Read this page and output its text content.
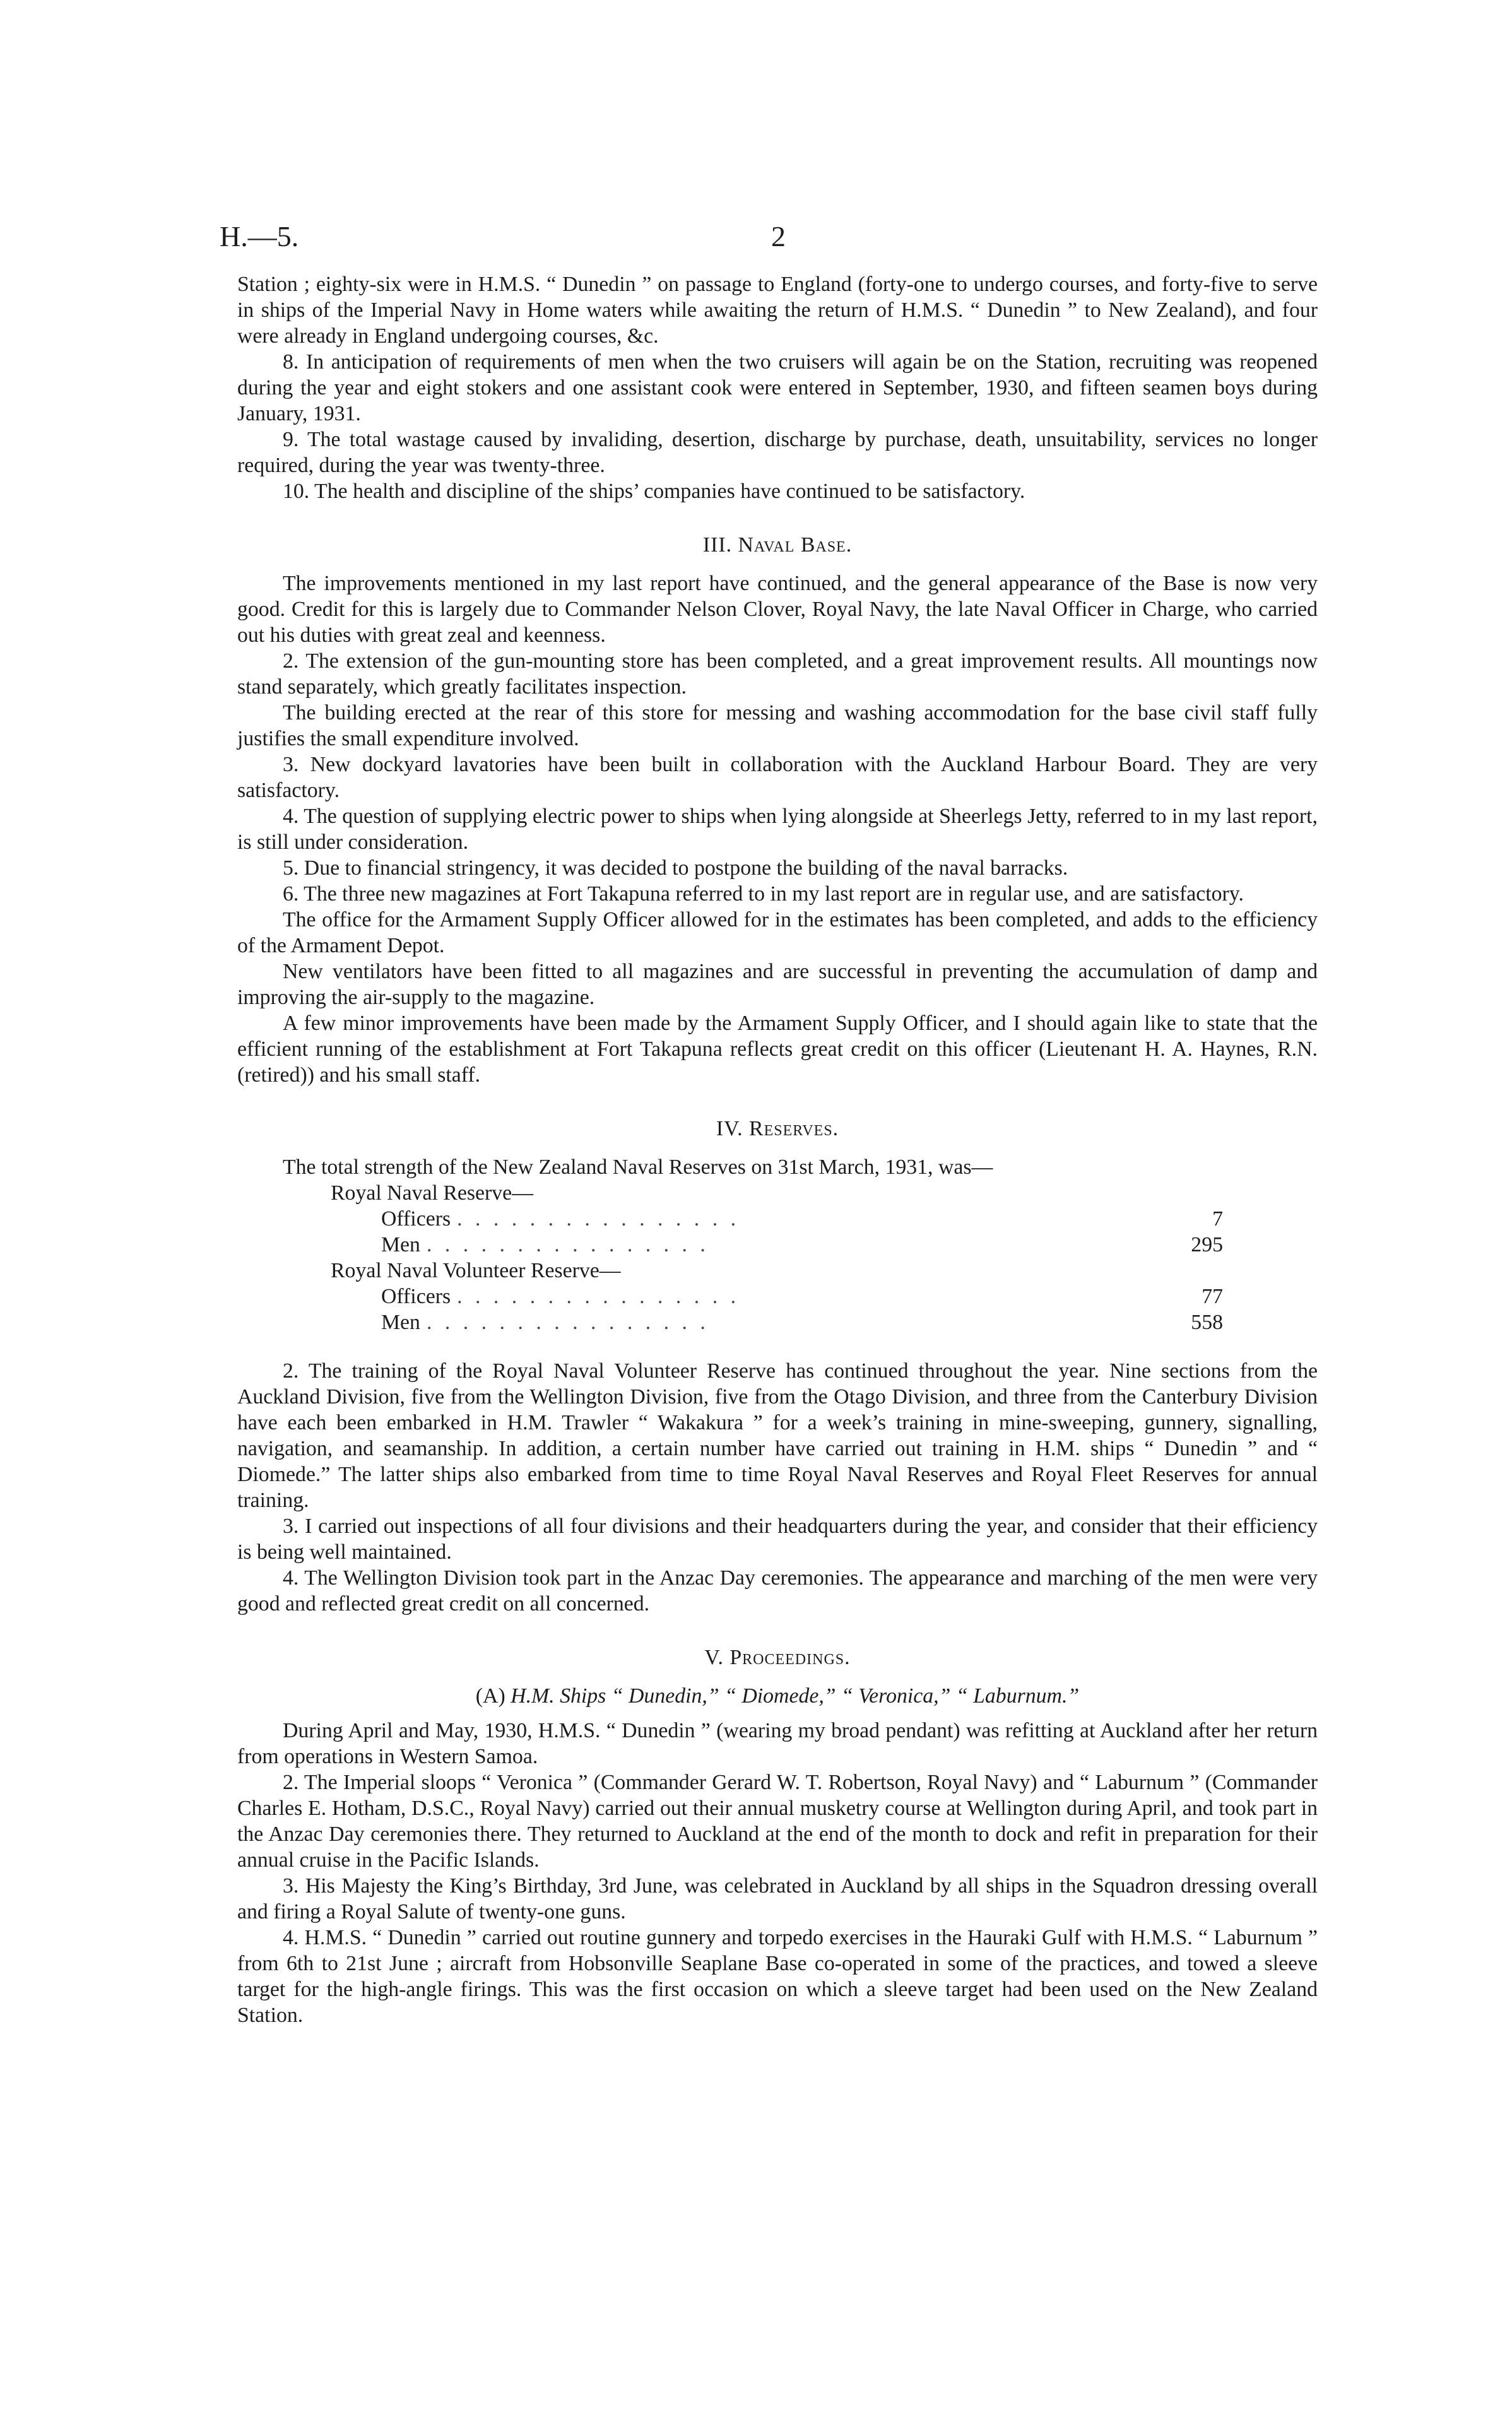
H.—5.	2

Station ; eighty-six were in H.M.S. “ Dunedin ” on passage to England (forty-one to undergo courses, and forty-five to serve in ships of the Imperial Navy in Home waters while awaiting the return of H.M.S. “ Dunedin ” to New Zealand), and four were already in England undergoing courses, &c.

8. In anticipation of requirements of men when the two cruisers will again be on the Station, recruiting was reopened during the year and eight stokers and one assistant cook were entered in September, 1930, and fifteen seamen boys during January, 1931.

9. The total wastage caused by invaliding, desertion, discharge by purchase, death, unsuitability, services no longer required, during the year was twenty-three.

10. The health and discipline of the ships’ companies have continued to be satisfactory.

III. Naval Base.

The improvements mentioned in my last report have continued, and the general appearance of the Base is now very good. Credit for this is largely due to Commander Nelson Clover, Royal Navy, the late Naval Officer in Charge, who carried out his duties with great zeal and keenness.

2. The extension of the gun-mounting store has been completed, and a great improvement results. All mountings now stand separately, which greatly facilitates inspection.

The building erected at the rear of this store for messing and washing accommodation for the base civil staff fully justifies the small expenditure involved.

3. New dockyard lavatories have been built in collaboration with the Auckland Harbour Board. They are very satisfactory.

4. The question of supplying electric power to ships when lying alongside at Sheerlegs Jetty, referred to in my last report, is still under consideration.

5. Due to financial stringency, it was decided to postpone the building of the naval barracks.

6. The three new magazines at Fort Takapuna referred to in my last report are in regular use, and are satisfactory.

The office for the Armament Supply Officer allowed for in the estimates has been completed, and adds to the efficiency of the Armament Depot.

New ventilators have been fitted to all magazines and are successful in preventing the accumulation of damp and improving the air-supply to the magazine.

A few minor improvements have been made by the Armament Supply Officer, and I should again like to state that the efficient running of the establishment at Fort Takapuna reflects great credit on this officer (Lieutenant H. A. Haynes, R.N. (retired)) and his small staff.

IV. Reserves.

The total strength of the New Zealand Naval Reserves on 31st March, 1931, was—

Royal Naval Reserve—
Officers . . . . . . . . . . . . . . . .	7
Men . . . . . . . . . . . . . . . .	295
Royal Naval Volunteer Reserve—
Officers . . . . . . . . . . . . . . . .	77
Men . . . . . . . . . . . . . . . .	558

2. The training of the Royal Naval Volunteer Reserve has continued throughout the year. Nine sections from the Auckland Division, five from the Wellington Division, five from the Otago Division, and three from the Canterbury Division have each been embarked in H.M. Trawler “ Wakakura ” for a week’s training in mine-sweeping, gunnery, signalling, navigation, and seamanship. In addition, a certain number have carried out training in H.M. ships “ Dunedin ” and “ Diomede.” The latter ships also embarked from time to time Royal Naval Reserves and Royal Fleet Reserves for annual training.

3. I carried out inspections of all four divisions and their headquarters during the year, and consider that their efficiency is being well maintained.

4. The Wellington Division took part in the Anzac Day ceremonies. The appearance and marching of the men were very good and reflected great credit on all concerned.

V. Proceedings.
(A) H.M. Ships “ Dunedin,” “ Diomede,” “ Veronica,” “ Laburnum.”

During April and May, 1930, H.M.S. “ Dunedin ” (wearing my broad pendant) was refitting at Auckland after her return from operations in Western Samoa.

2. The Imperial sloops “ Veronica ” (Commander Gerard W. T. Robertson, Royal Navy) and “ Laburnum ” (Commander Charles E. Hotham, D.S.C., Royal Navy) carried out their annual musketry course at Wellington during April, and took part in the Anzac Day ceremonies there. They returned to Auckland at the end of the month to dock and refit in preparation for their annual cruise in the Pacific Islands.

3. His Majesty the King’s Birthday, 3rd June, was celebrated in Auckland by all ships in the Squadron dressing overall and firing a Royal Salute of twenty-one guns.

4. H.M.S. “ Dunedin ” carried out routine gunnery and torpedo exercises in the Hauraki Gulf with H.M.S. “ Laburnum ” from 6th to 21st June ; aircraft from Hobsonville Seaplane Base co-operated in some of the practices, and towed a sleeve target for the high-angle firings. This was the first occasion on which a sleeve target had been used on the New Zealand Station.
